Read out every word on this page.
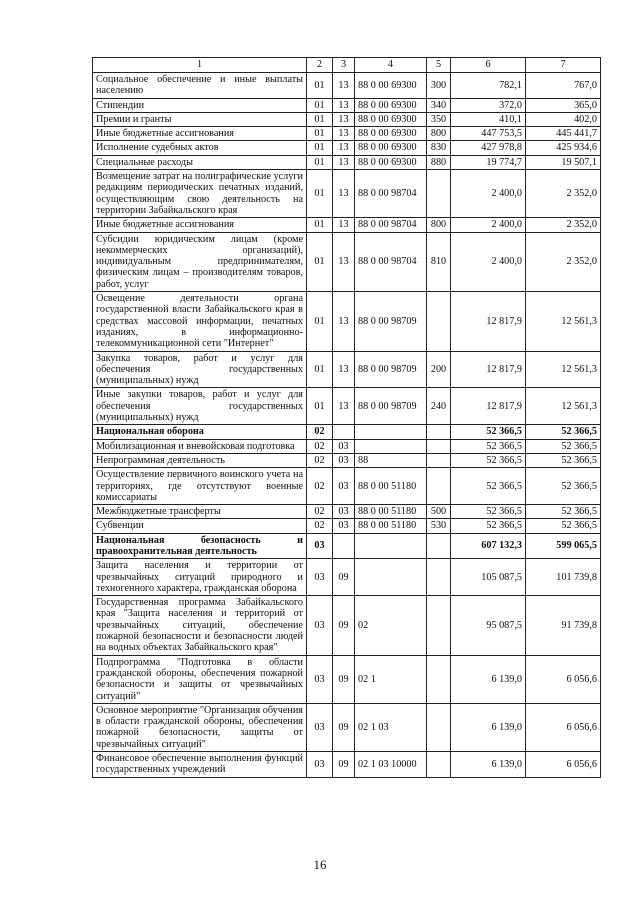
1	2	3	4	5	6	7
Социальное обеспечение и иные выплаты населению	01	13	88 0 00 69300	300	782,1	767,0
Стипендии	01	13	88 0 00 69300	340	372,0	365,0
Премии и гранты	01	13	88 0 00 69300	350	410,1	402,0
Иные бюджетные ассигнования	01	13	88 0 00 69300	800	447 753,5	445 441,7
Исполнение судебных актов	01	13	88 0 00 69300	830	427 978,8	425 934,6
Специальные расходы	01	13	88 0 00 69300	880	19 774,7	19 507,1
Возмещение затрат на полиграфические услуги редакциям периодических печатных изданий, осуществляющим свою деятельность на территории Забайкальского края	01	13	88 0 00 98704		2 400,0	2 352,0
Иные бюджетные ассигнования	01	13	88 0 00 98704	800	2 400,0	2 352,0
Субсидии юридическим лицам (кроме некоммерческих организаций), индивидуальным предпринимателям, физическим лицам – производителям товаров, работ, услуг	01	13	88 0 00 98704	810	2 400,0	2 352,0
Освещение деятельности органа государственной власти Забайкальского края в средствах массовой информации, печатных изданиях, в информационно-телекоммуникационной сети "Интернет"	01	13	88 0 00 98709		12 817,9	12 561,3
Закупка товаров, работ и услуг для обеспечения государственных (муниципальных) нужд	01	13	88 0 00 98709	200	12 817,9	12 561,3
Иные закупки товаров, работ и услуг для обеспечения государственных (муниципальных) нужд	01	13	88 0 00 98709	240	12 817,9	12 561,3
Национальная оборона	02				52 366,5	52 366,5
Мобилизационная и вневойсковая подготовка	02	03			52 366,5	52 366,5
Непрограммная деятельность	02	03	88		52 366,5	52 366,5
Осуществление первичного воинского учета на территориях, где отсутствуют военные комиссариаты	02	03	88 0 00 51180		52 366,5	52 366,5
Межбюджетные трансферты	02	03	88 0 00 51180	500	52 366,5	52 366,5
Субвенции	02	03	88 0 00 51180	530	52 366,5	52 366,5
Национальная безопасность и правоохранительная деятельность	03				607 132,3	599 065,5
Защита населения и территории от чрезвычайных ситуаций природного и техногенного характера, гражданская оборона	03	09			105 087,5	101 739,8
Государственная программа Забайкальского края "Защита населения и территорий от чрезвычайных ситуаций, обеспечение пожарной безопасности и безопасности людей на водных объектах Забайкальского края"	03	09	02		95 087,5	91 739,8
Подпрограмма "Подготовка в области гражданской обороны, обеспечения пожарной безопасности и защиты от чрезвычайных ситуаций"	03	09	02 1		6 139,0	6 056,6
Основное мероприятие "Организация обучения в области гражданской обороны, обеспечения пожарной безопасности, защиты от чрезвычайных ситуаций"	03	09	02 1 03		6 139,0	6 056,6
Финансовое обеспечение выполнения функций государственных учреждений	03	09	02 1 03 10000		6 139,0	6 056,6
16
